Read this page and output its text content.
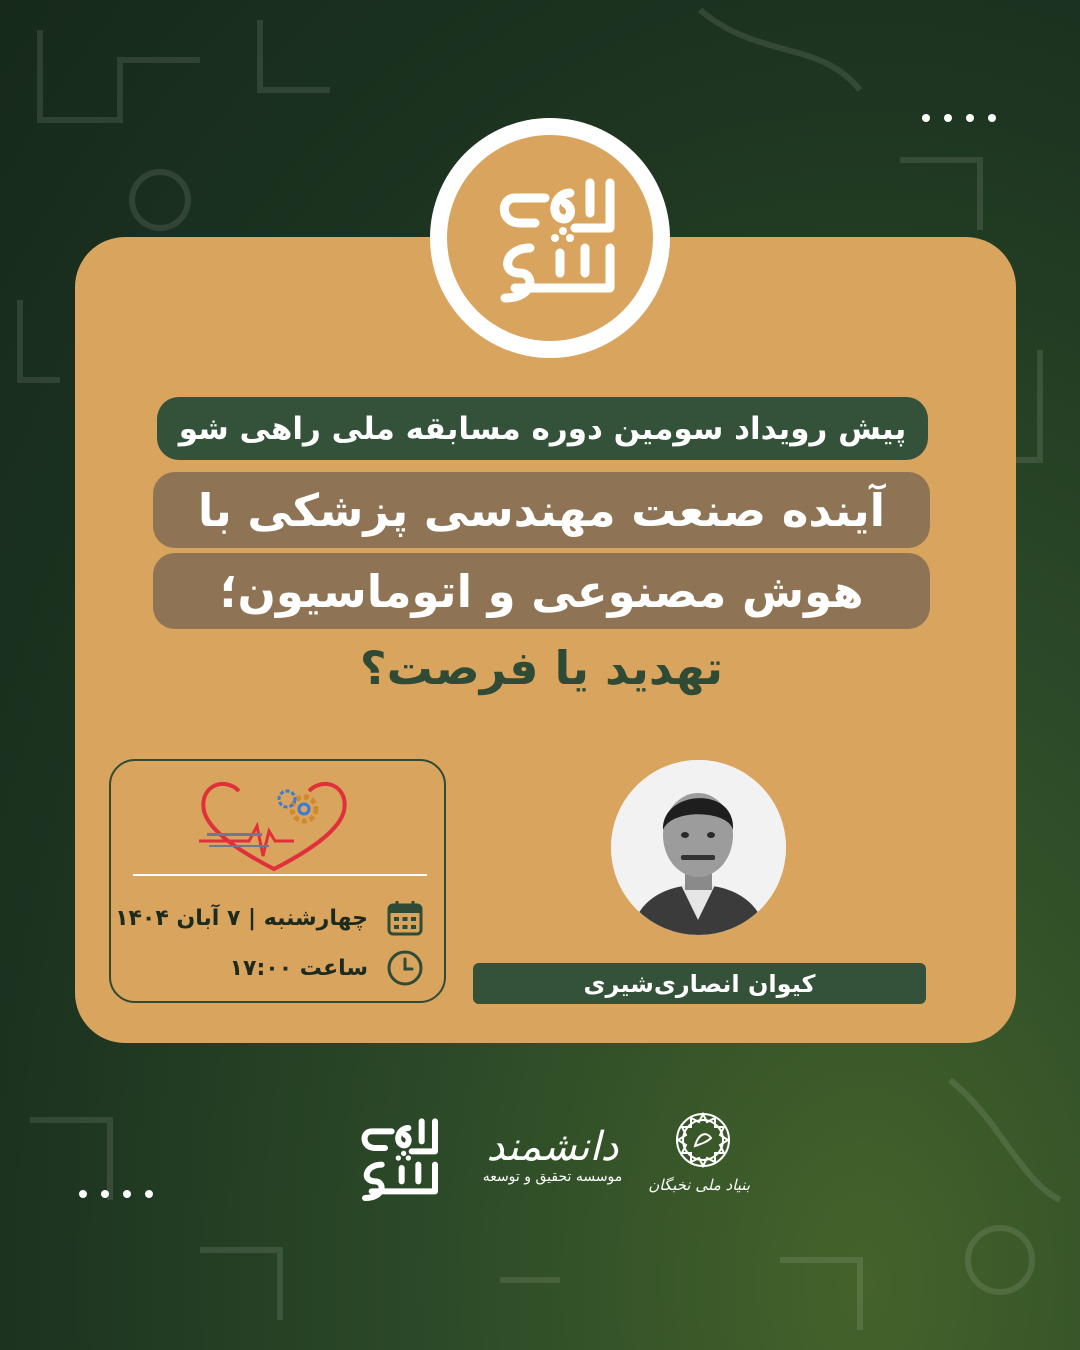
پیش رویداد سومین دوره مسابقه ملی راهی شو
آینده صنعت مهندسی پزشکی با
هوش مصنوعی و اتوماسیون؛
تهدید یا فرصت؟
چهارشنبه | ۷ آبان ۱۴۰۴
ساعت ۱۷:۰۰
کیوان انصاری‌شیری
دانشمند
موسسه تحقیق و توسعه	بنیاد ملی نخبگان
